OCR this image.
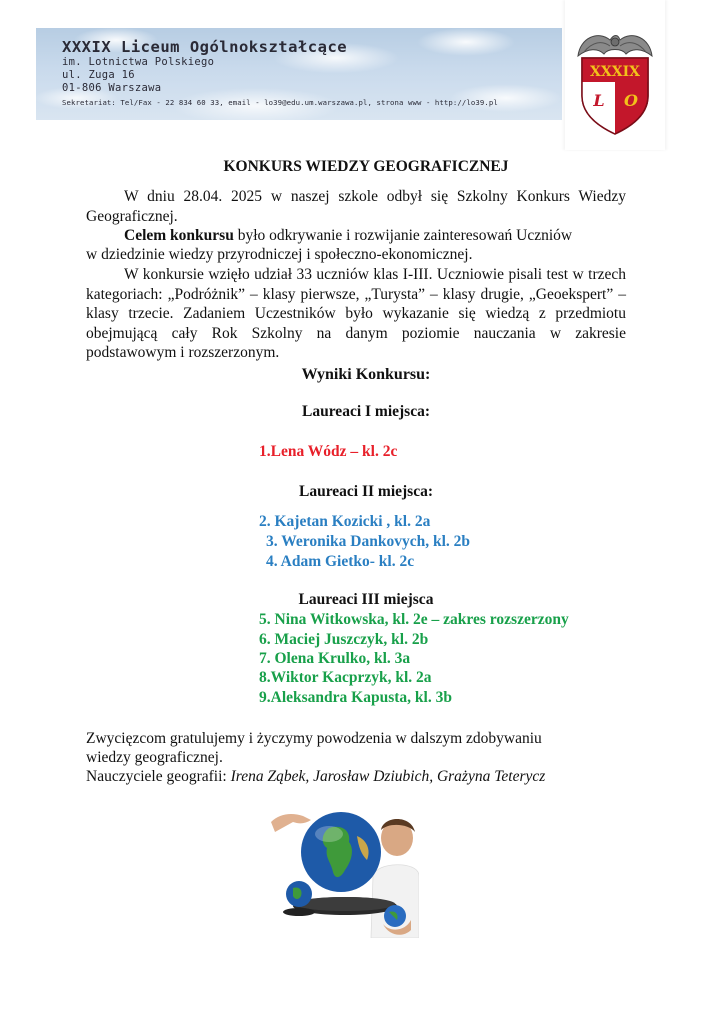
XXXIX Liceum Ogólnokształcące
im. Lotnictwa Polskiego
ul. Zuga 16
01-806 Warszawa
Sekretariat: Tel/Fax - 22 834 60 33, email - lo39@edu.um.warszawa.pl, strona www - http://lo39.pl
XXXIX
L O
KONKURS WIEDZY GEOGRAFICZNEJ
W dniu 28.04. 2025 w naszej szkole odbył się Szkolny Konkurs Wiedzy Geograficznej.
Celem konkursu było odkrywanie i rozwijanie zainteresowań Uczniów
w dziedzinie wiedzy przyrodniczej i społeczno-ekonomicznej.
W konkursie wzięło udział 33 uczniów klas I-III. Uczniowie pisali test w trzech kategoriach: „Podróżnik” – klasy pierwsze, „Turysta” – klasy drugie, „Geoekspert” – klasy trzecie. Zadaniem Uczestników było wykazanie się wiedzą z przedmiotu obejmującą cały Rok Szkolny na danym poziomie nauczania w zakresie podstawowym i rozszerzonym.
Wyniki Konkursu:
Laureaci I miejsca:
1.Lena Wódz – kl. 2c
Laureaci II miejsca:
2. Kajetan Kozicki , kl. 2a
3. Weronika Dankovych, kl. 2b
4. Adam Gietko- kl. 2c
Laureaci III miejsca
5. Nina Witkowska, kl. 2e – zakres rozszerzony
6. Maciej Juszczyk, kl. 2b
7. Olena Krulko, kl. 3a
8.Wiktor Kacprzyk, kl. 2a
9.Aleksandra Kapusta, kl. 3b
Zwycięzcom gratulujemy i życzymy powodzenia w dalszym zdobywaniu
wiedzy geograficznej.
Nauczyciele geografii: Irena Ząbek, Jarosław Dziubich, Grażyna Teterycz
